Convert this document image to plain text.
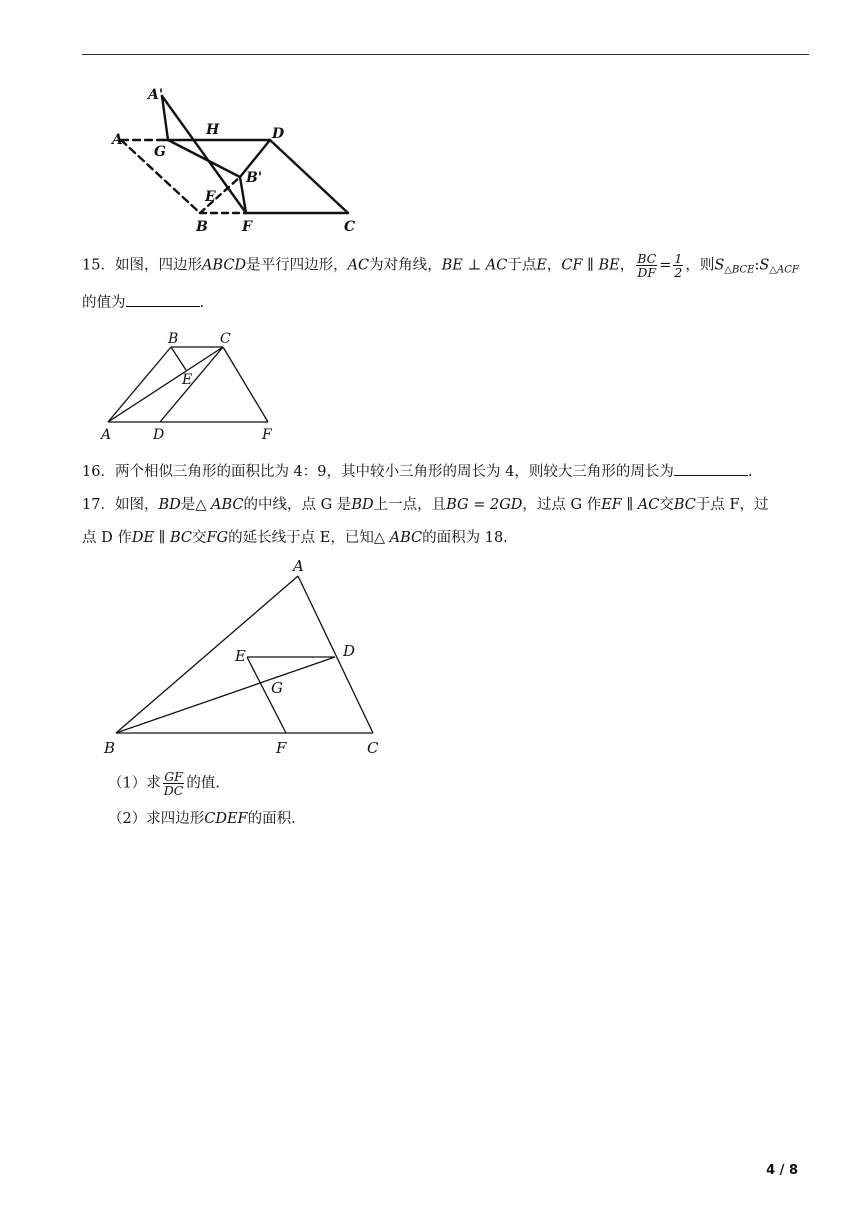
A'
A
H	D
G
B'
E
B F	C
15．如图，四边形ABCD是平行四边形，AC为对角线，BE ⊥ AC于点E，CF ∥ BE， $\frac{BC}{DF} = \frac{1}{2}$ ，则$S_{\triangle BCE}:S_{\triangle ACF}$
的值为	.
B	C
E
A	D	F
16．两个相似三角形的面积比为 4：9，其中较小三角形的周长为 4，则较大三角形的周长为	.
17．如图，BD是△ ABC的中线，点 G 是BD上一点，且BG = 2GD，过点 G 作EF ∥ AC交BC于点 F，过
点 D 作DE ∥ BC交FG的延长线于点 E，已知△ ABC的面积为 18.
A
D
E
G
B	F	C
（1）求 $\frac{GF}{DC}$ 的值.
（2）求四边形CDEF的面积.
4 / 8
